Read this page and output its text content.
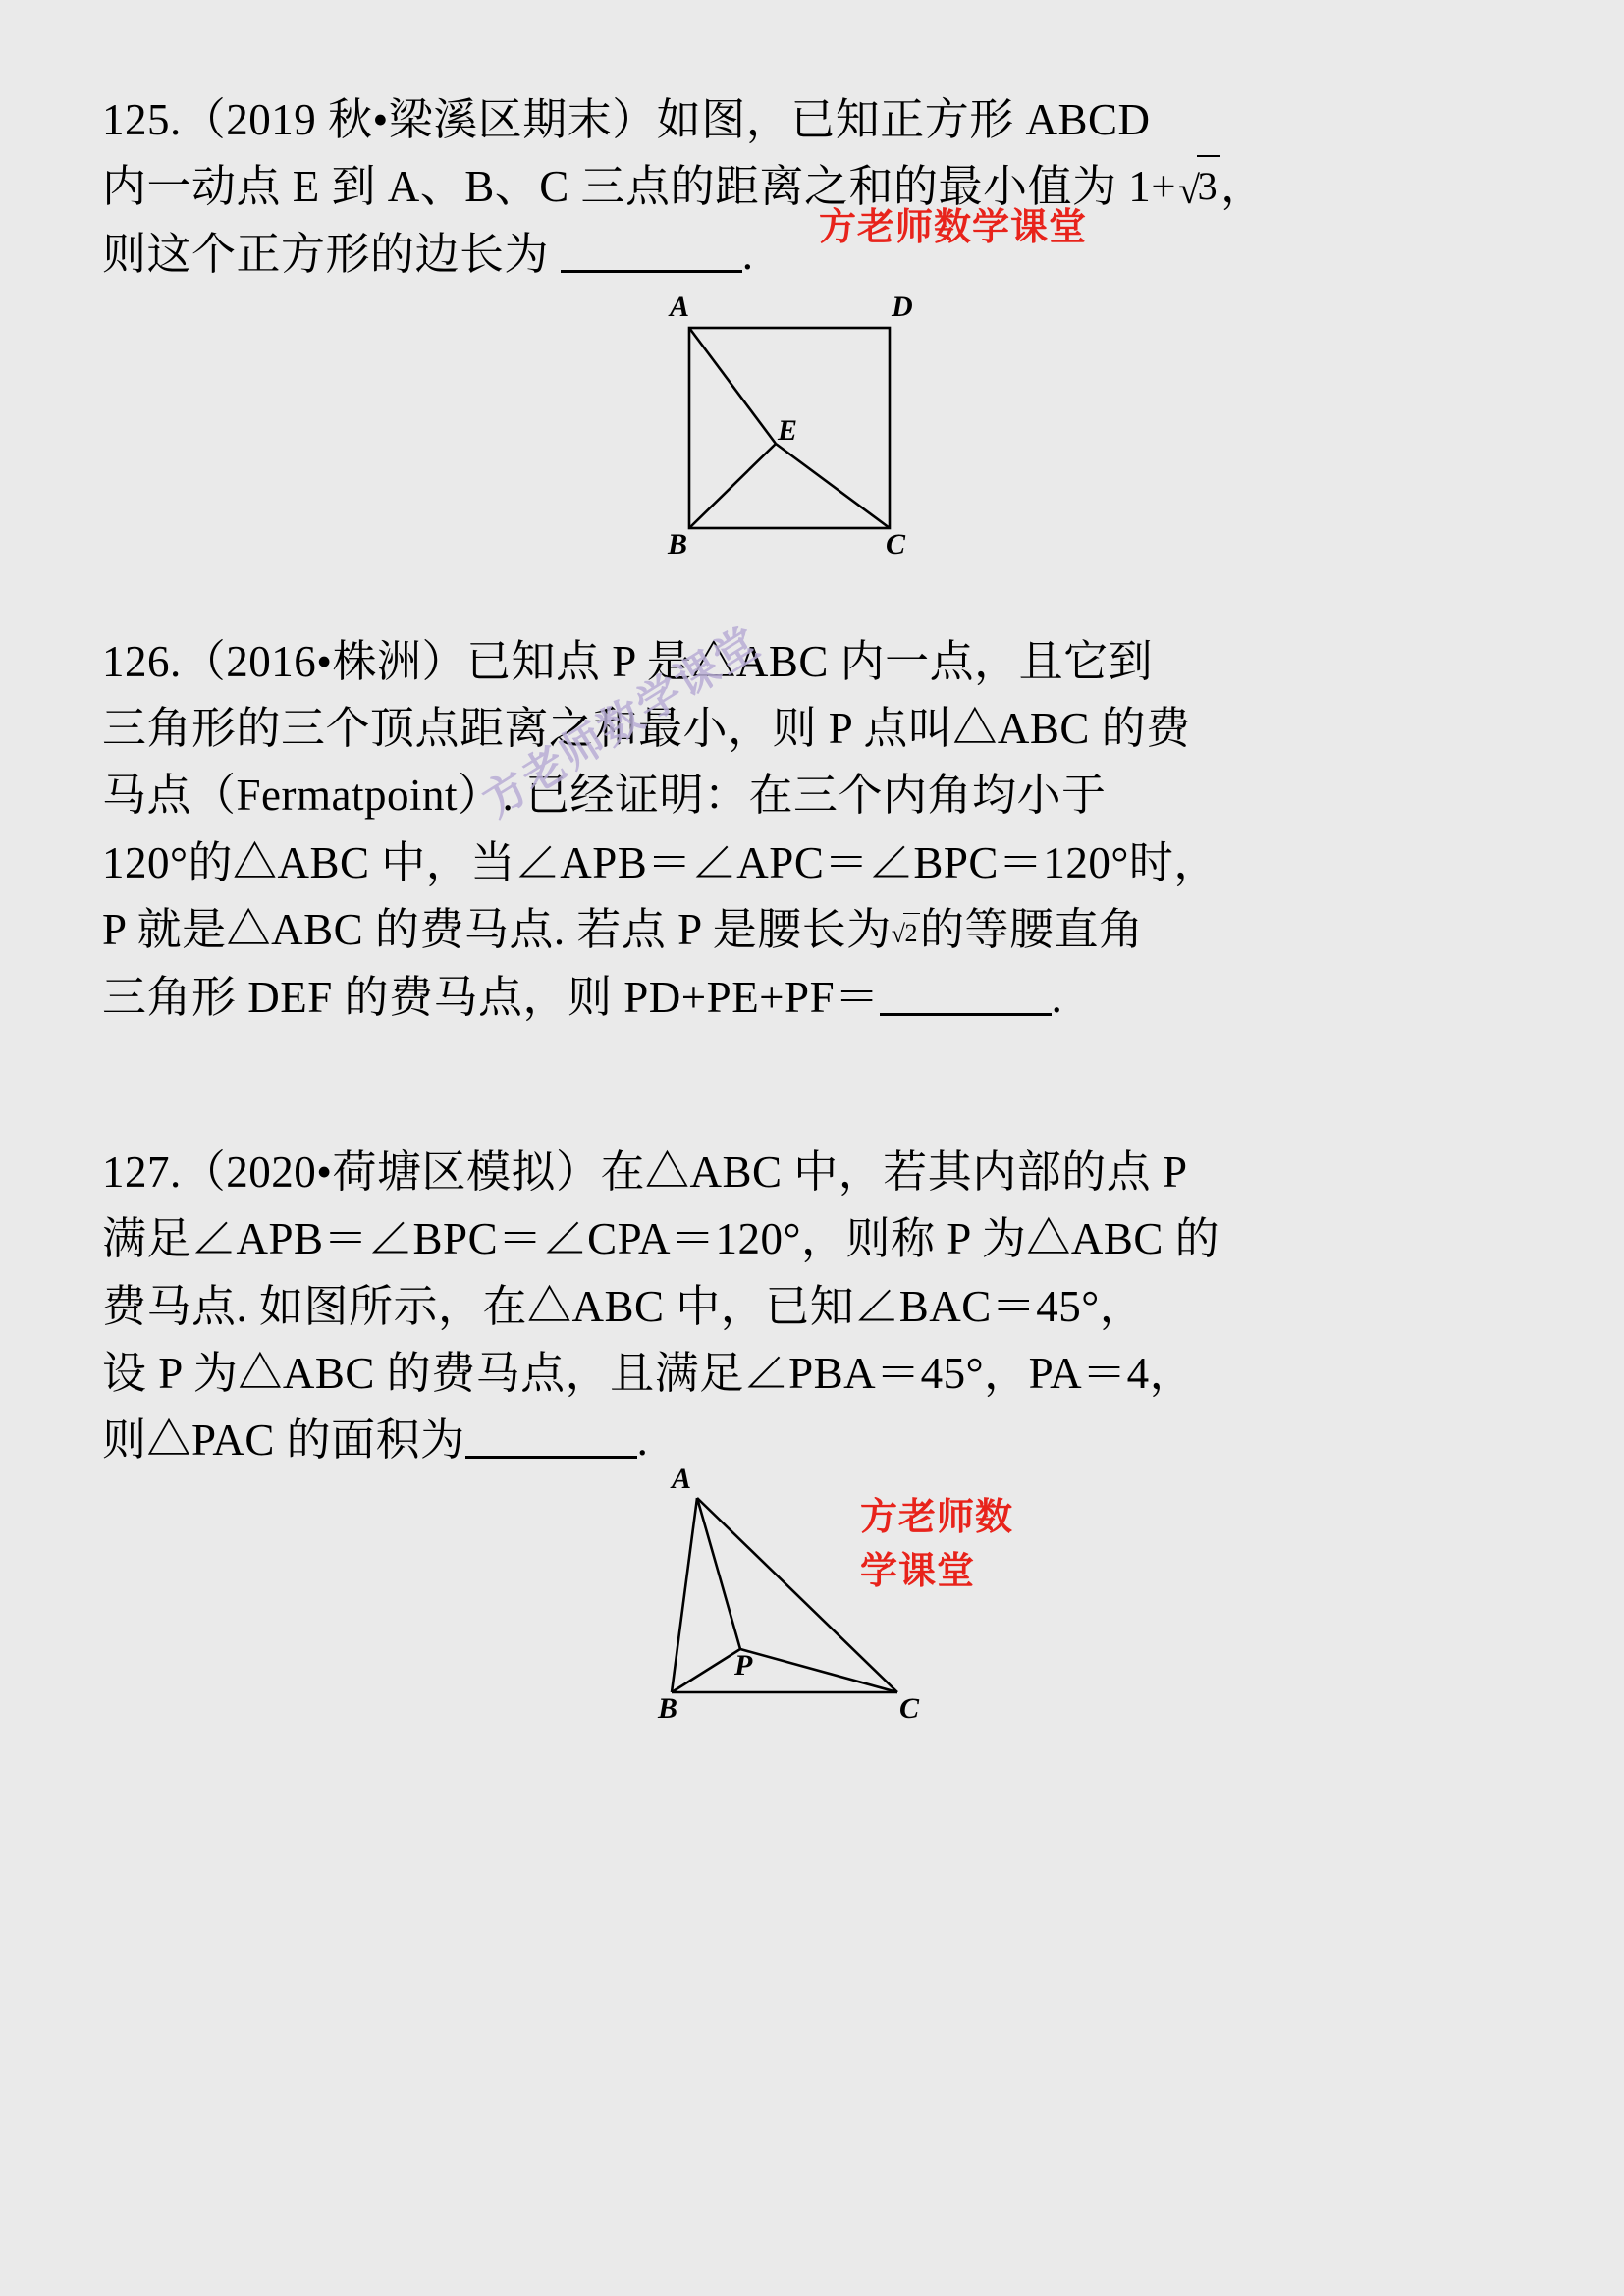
125.（2019 秋•梁溪区期末）如图，已知正方形 ABCD
内一动点 E 到 A、B、C 三点的距离之和的最小值为 1+√3，
则这个正方形的边长为	.
方老师数学课堂
A	D
E
B	C
126.（2016•株洲）已知点 P 是△ABC 内一点，且它到
三角形的三个顶点距离之和最小，则 P 点叫△ABC 的费
马点（Fermatpoint）. 已经证明：在三个内角均小于
120°的△ABC 中，当∠APB＝∠APC＝∠BPC＝120°时，
P 就是△ABC 的费马点. 若点 P 是腰长为√2的等腰直角
三角形 DEF 的费马点，则 PD+PE+PF＝	.
方老师数学课堂
127.（2020•荷塘区模拟）在△ABC 中，若其内部的点 P
满足∠APB＝∠BPC＝∠CPA＝120°，则称 P 为△ABC 的
费马点. 如图所示，在△ABC 中，已知∠BAC＝45°，
设 P 为△ABC 的费马点，且满足∠PBA＝45°，PA＝4，
则△PAC 的面积为	.
方老师数学课堂
A
P
B	C
